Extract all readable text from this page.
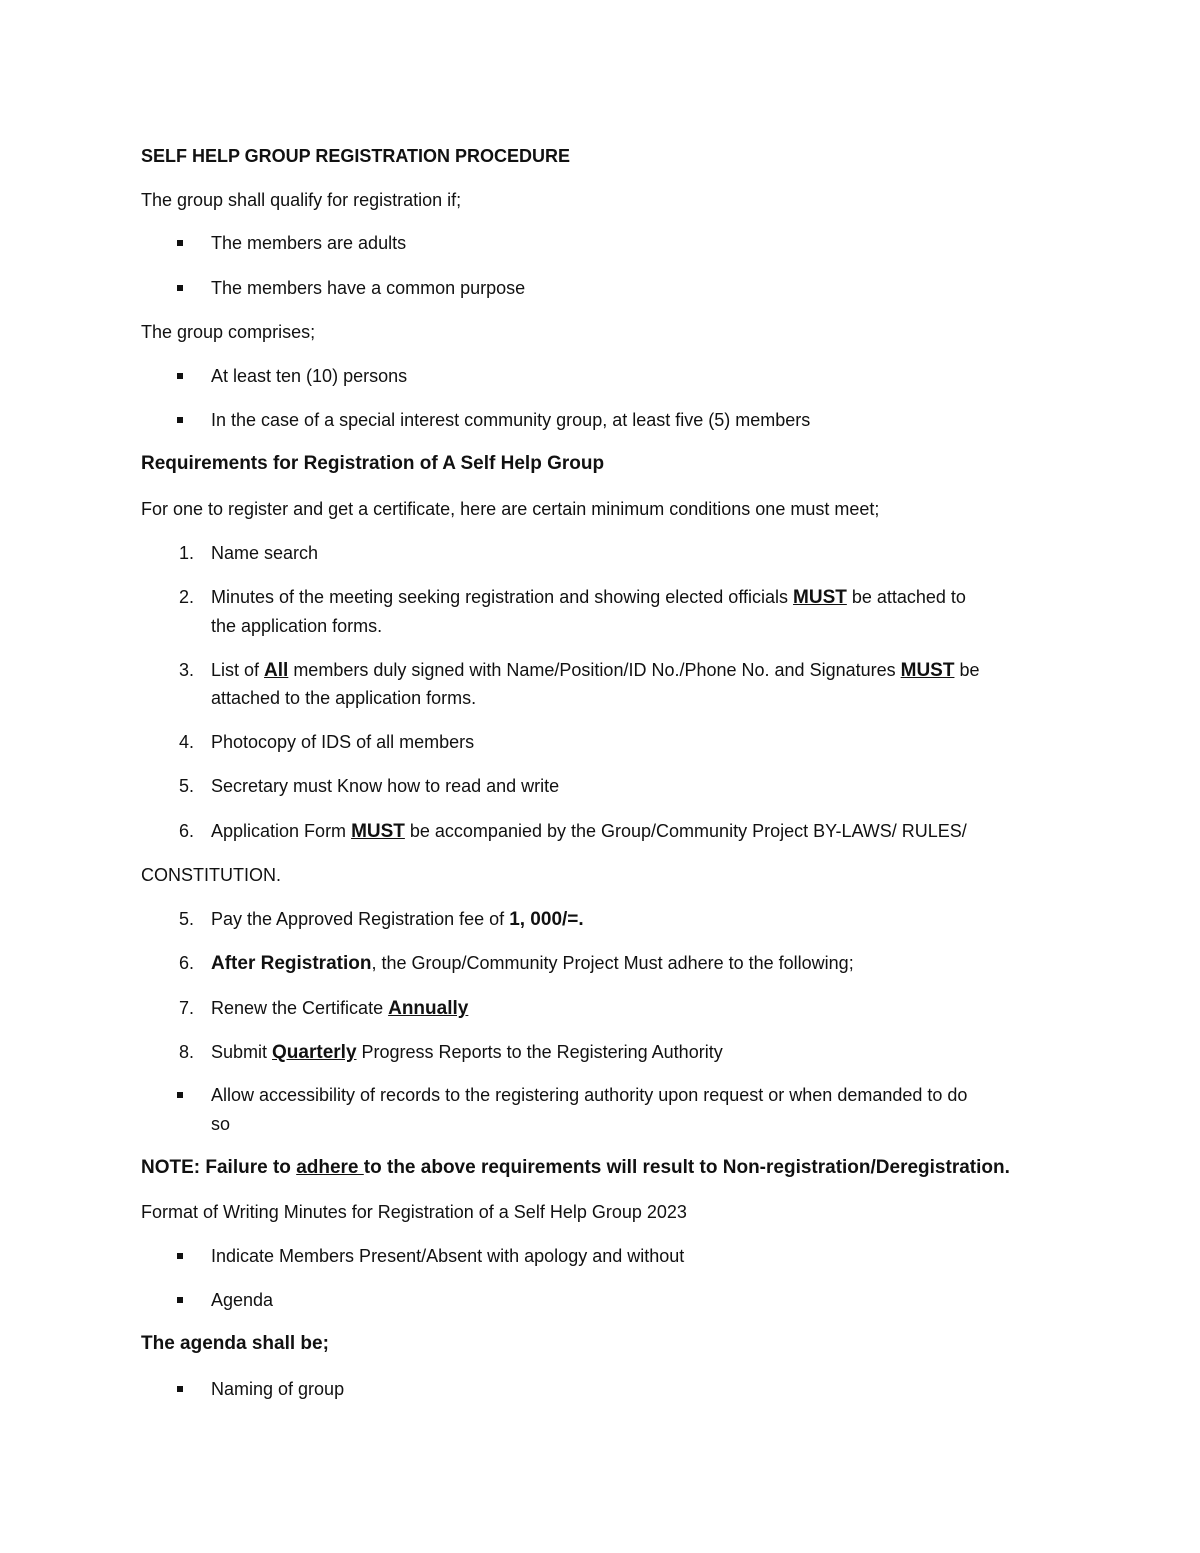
SELF HELP GROUP REGISTRATION PROCEDURE
The group shall qualify for registration if;
The members are adults
The members have a common purpose
The group comprises;
At least ten (10) persons
In the case of a special interest community group, at least five (5) members
Requirements for Registration of A Self Help Group
For one to register and get a certificate, here are certain minimum conditions one must meet;
1. Name search
2. Minutes of the meeting seeking registration and showing elected officials MUST be attached to
the application forms.
3. List of All members duly signed with Name/Position/ID No./Phone No. and Signatures MUST be
attached to the application forms.
4. Photocopy of IDS of all members
5. Secretary must Know how to read and write
6. Application Form MUST be accompanied by the Group/Community Project BY-LAWS/ RULES/
CONSTITUTION.
5. Pay the Approved Registration fee of 1, 000/=.
6. After Registration, the Group/Community Project Must adhere to the following;
7. Renew the Certificate Annually
8. Submit Quarterly Progress Reports to the Registering Authority
Allow accessibility of records to the registering authority upon request or when demanded to do
so
NOTE: Failure to adhere to the above requirements will result to Non-registration/Deregistration.
Format of Writing Minutes for Registration of a Self Help Group 2023
Indicate Members Present/Absent with apology and without
Agenda
The agenda shall be;
Naming of group
